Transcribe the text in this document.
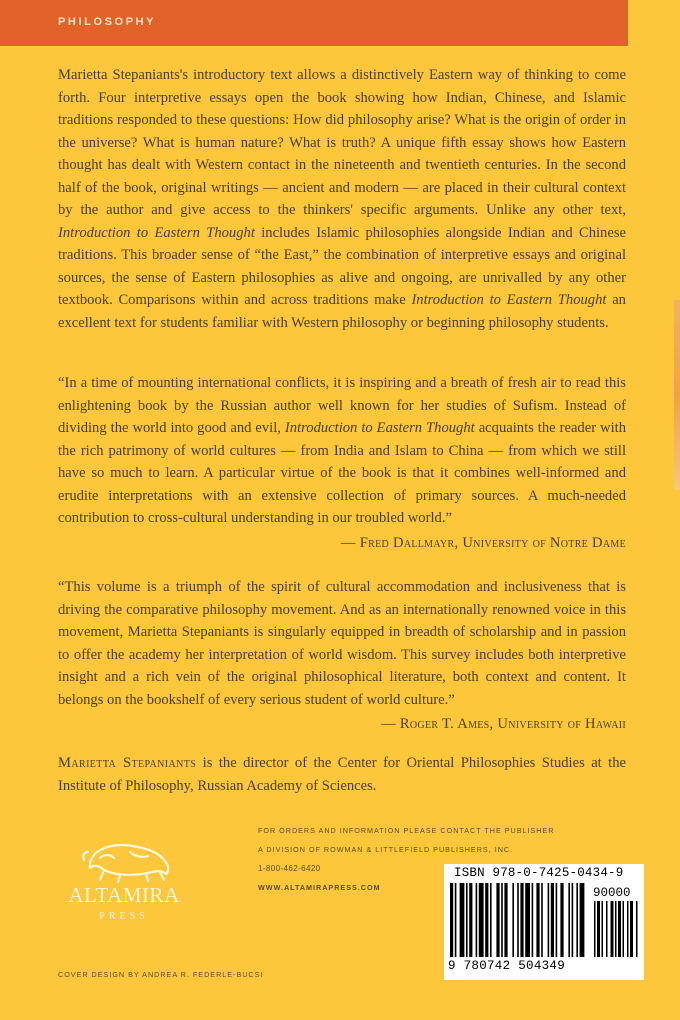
PHILOSOPHY

Marietta Stepaniants's introductory text allows a distinctively Eastern way of thinking to come forth. Four interpretive essays open the book showing how Indian, Chinese, and Islamic traditions responded to these questions: How did philosophy arise? What is the origin of order in the universe? What is human nature? What is truth? A unique fifth essay shows how Eastern thought has dealt with Western contact in the nineteenth and twentieth centuries. In the second half of the book, original writings — ancient and modern — are placed in their cultural context by the author and give access to the thinkers' specific arguments. Unlike any other text, Introduction to Eastern Thought includes Islamic philosophies alongside Indian and Chinese traditions. This broader sense of “the East,” the combination of interpretive essays and original sources, the sense of Eastern philosophies as alive and ongoing, are unrivalled by any other textbook. Comparisons within and across traditions make Introduction to Eastern Thought an excellent text for students familiar with Western philosophy or beginning philosophy students.

“In a time of mounting international conflicts, it is inspiring and a breath of fresh air to read this enlightening book by the Russian author well known for her studies of Sufism. Instead of dividing the world into good and evil, Introduction to Eastern Thought acquaints the reader with the rich patrimony of world cultures — from India and Islam to China — from which we still have so much to learn. A particular virtue of the book is that it combines well-informed and erudite interpretations with an extensive collection of primary sources. A much-needed contribution to cross-cultural understanding in our troubled world.”

— Fred Dallmayr, University of Notre Dame

“This volume is a triumph of the spirit of cultural accommodation and inclusiveness that is driving the comparative philosophy movement. And as an internationally renowned voice in this movement, Marietta Stepaniants is singularly equipped in breadth of scholarship and in passion to offer the academy her interpretation of world wisdom. This survey includes both interpretive insight and a rich vein of the original philosophical literature, both context and content. It belongs on the bookshelf of every serious student of world culture.”

— Roger T. Ames, University of Hawaii

Marietta Stepaniants is the director of the Center for Oriental Philosophies Studies at the Institute of Philosophy, Russian Academy of Sciences.

ALTAMIRA
PRESS
FOR ORDERS AND INFORMATION PLEASE CONTACT THE PUBLISHER
A DIVISION OF ROWMAN & LITTLEFIELD PUBLISHERS, INC.
1-800-462-6420
WWW.ALTAMIRAPRESS.COM
ISBN 978-0-7425-0434-9
90000
9 780742 504349
COVER DESIGN BY ANDREA R. FEDERLE-BUCSI
